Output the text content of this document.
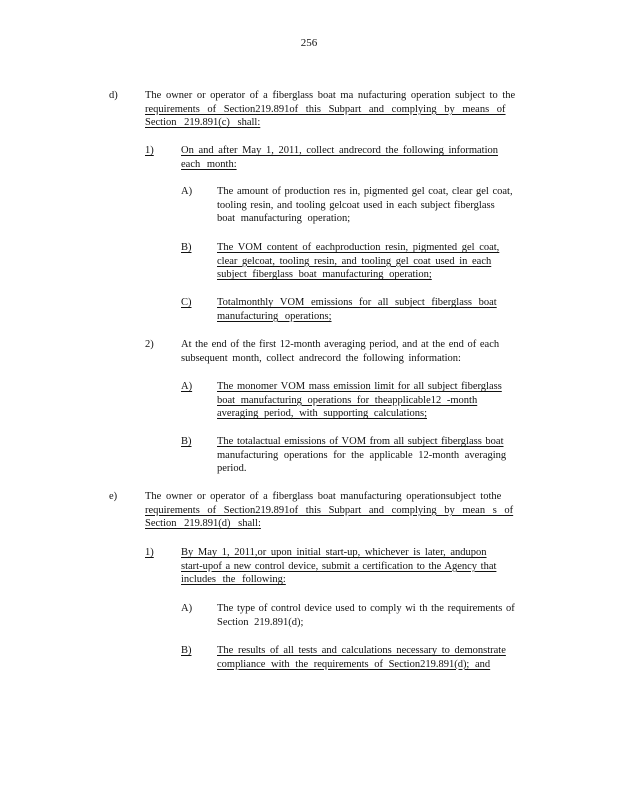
256
d)	The owner or operator of a fiberglass boat ma nufacturing operation subject to the
requirements of Section219.891of this Subpart and complying by means of Section 219.891(c) shall:
1)	On and after May 1, 2011, collect andrecord the following information each month:
A) The amount of production res in, pigmented gel coat, clear gel coat,
tooling resin, and tooling gelcoat used in each subject fiberglass
boat manufacturing operation;
B) The VOM content of eachproduction resin, pigmented gel coat, clear gelcoat, tooling resin, and tooling gel coat used in each subject fiberglass boat manufacturing operation;
C) Totalmonthly VOM emissions for all subject fiberglass boat manufacturing operations;
2)	At the end of the first 12-month averaging period, and at the end of each
subsequent month, collect andrecord the following information:
A) The monomer VOM mass emission limit for all subject fiberglass boat manufacturing operations for theapplicable12 -month averaging period, with supporting calculations;
B) The totalactual emissions of VOM from all subject fiberglass boat
manufacturing operations for the applicable 12-month averaging
period.
e)	The owner or operator of a fiberglass boat manufacturing operationsubject tothe
requirements of Section219.891of this Subpart and complying by mean s of Section 219.891(d) shall:
1)	By May 1, 2011,or upon initial start-up, whichever is later, andupon start-upof a new control device, submit a certification to the Agency that includes the following:
A) The type of control device used to comply wi th the requirements of
Section 219.891(d);
B) The results of all tests and calculations necessary to demonstrate compliance with the requirements of Section219.891(d); and
